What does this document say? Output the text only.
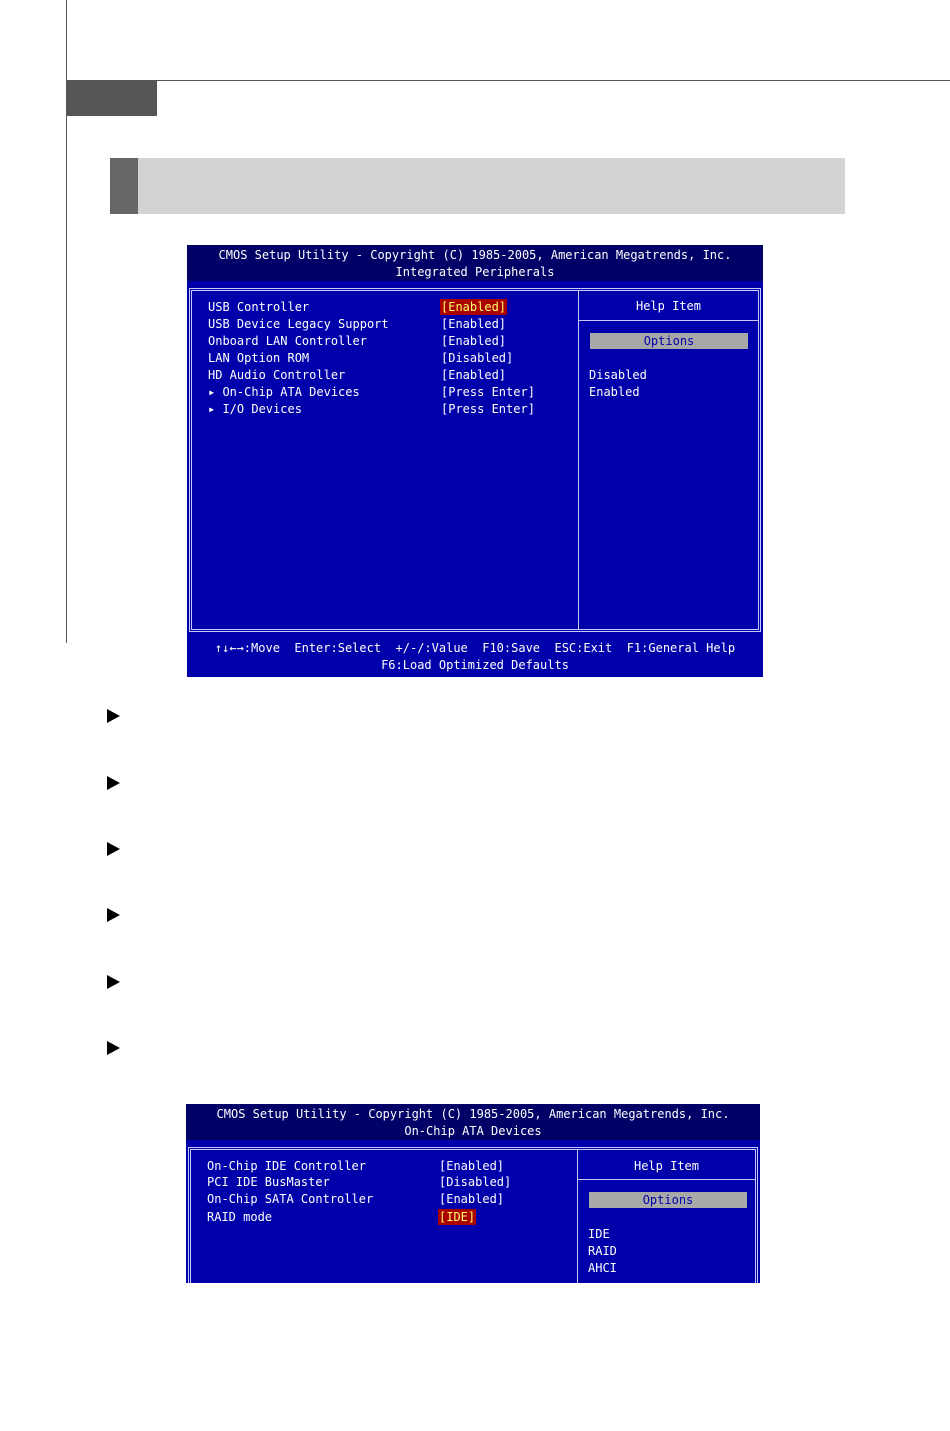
CMOS Setup Utility - Copyright (C) 1985-2005, American Megatrends, Inc.
Integrated Peripherals
Help Item
Options
Disabled
Enabled
USB Controller	[Enabled]
USB Device Legacy Support	[Enabled]
Onboard LAN Controller	[Enabled]
LAN Option ROM	[Disabled]
HD Audio Controller	[Enabled]
▸ On-Chip ATA Devices	[Press Enter]
▸ I/O Devices	[Press Enter]
↑↓←→:Move  Enter:Select  +/-/:Value  F10:Save  ESC:Exit  F1:General Help
F6:Load Optimized Defaults
CMOS Setup Utility - Copyright (C) 1985-2005, American Megatrends, Inc.
On-Chip ATA Devices
Help Item
Options
IDE
RAID
AHCI
On-Chip IDE Controller	[Enabled]
PCI IDE BusMaster	[Disabled]
On-Chip SATA Controller	[Enabled]
RAID mode	[IDE]
